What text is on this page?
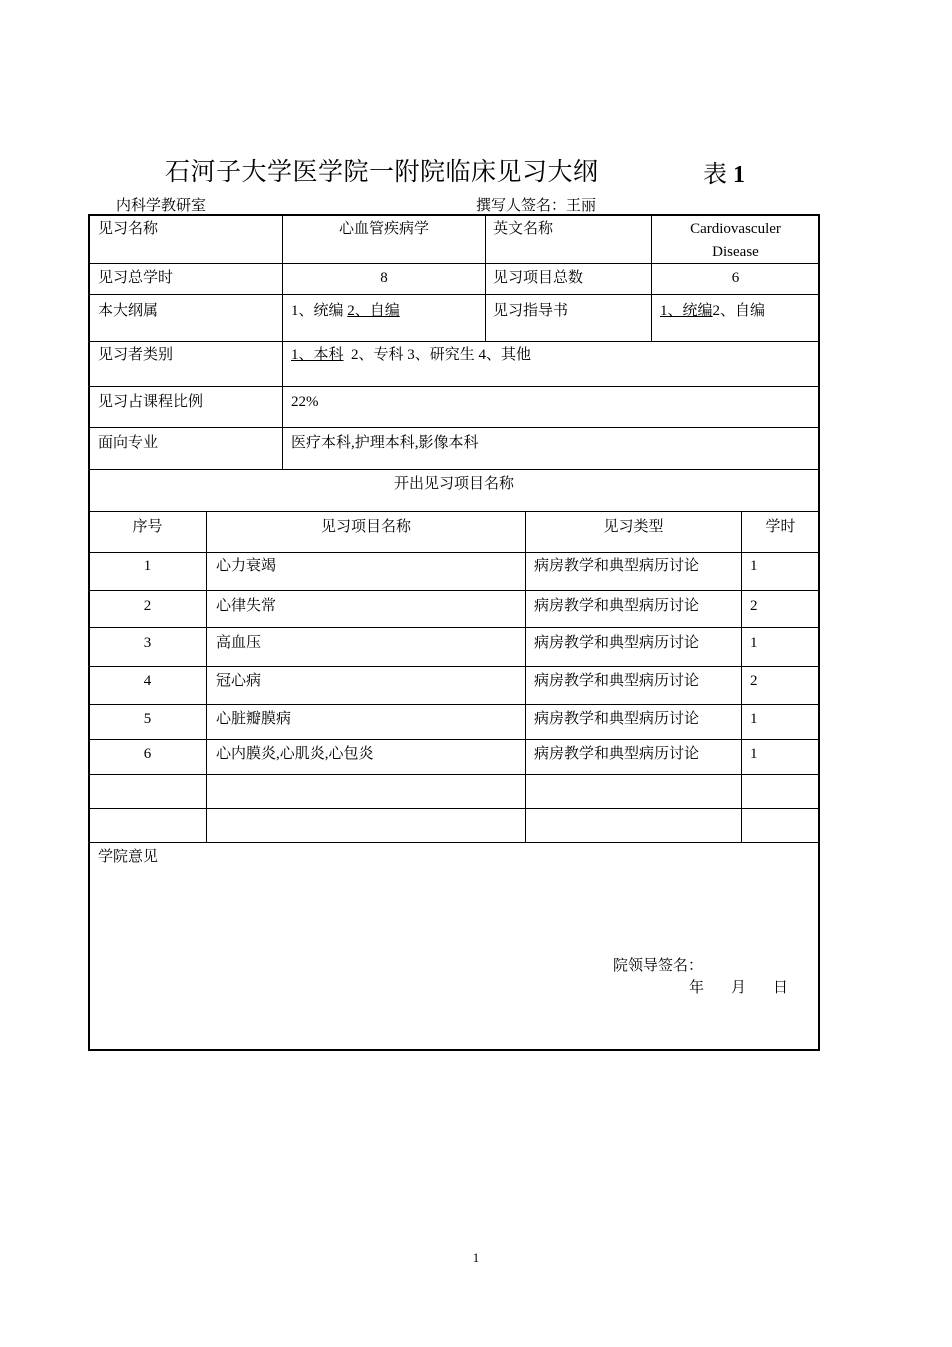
石河子大学医学院一附院临床见习大纲	表 1
内科学教研室	撰写人签名：王丽
见习名称	心血管疾病学	英文名称	Cardiovasculer
Disease
见习总学时	8	见习项目总数	6
本大纲属	1、统编 2、自编	见习指导书	1、统编2、自编
见习者类别	1、本科 2、专科 3、研究生 4、其他
见习占课程比例	22%
面向专业	医疗本科,护理本科,影像本科
开出见习项目名称
序号	见习项目名称	见习类型	学时
1	心力衰竭	病房教学和典型病历讨论	1
2	心律失常	病房教学和典型病历讨论	2
3	高血压	病房教学和典型病历讨论	1
4	冠心病	病房教学和典型病历讨论	2
5	心脏瓣膜病	病房教学和典型病历讨论	1
6	心内膜炎,心肌炎,心包炎	病房教学和典型病历讨论	1
学院意见
院领导签名：
年 月 日
1
